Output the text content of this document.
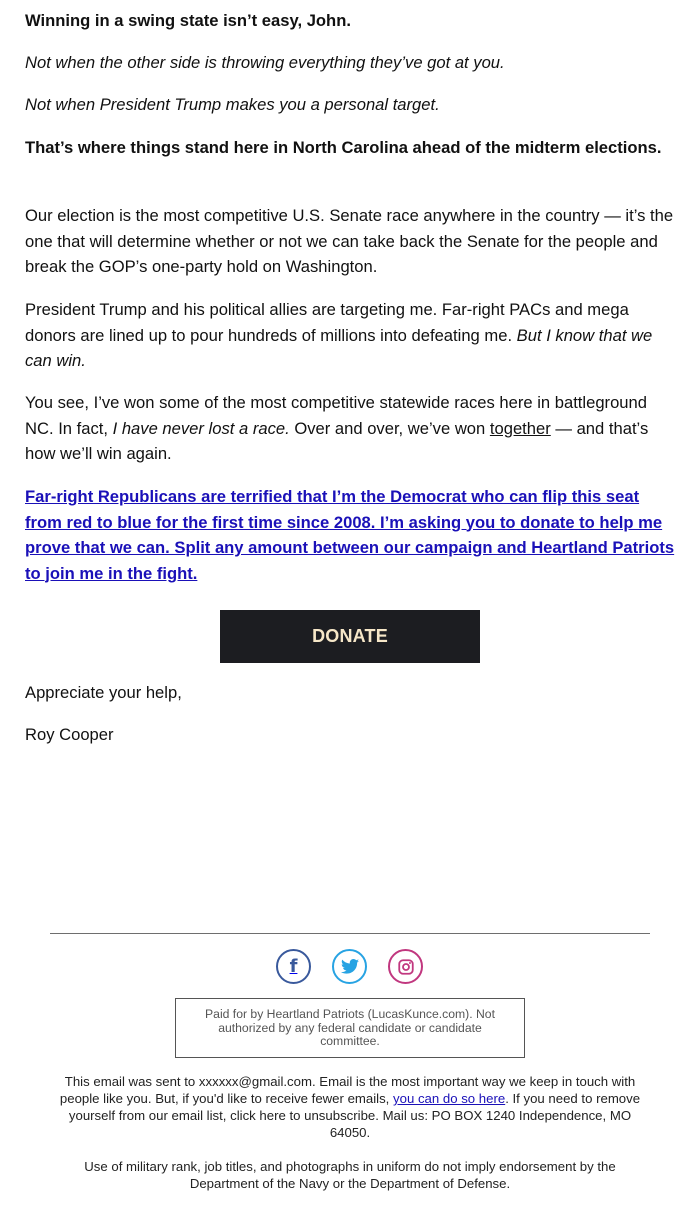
Winning in a swing state isn’t easy, John.

Not when the other side is throwing everything they’ve got at you.

Not when President Trump makes you a personal target.

That’s where things stand here in North Carolina ahead of the midterm elections.

Our election is the most competitive U.S. Senate race anywhere in the country — it’s the one that will determine whether or not we can take back the Senate for the people and break the GOP’s one-party hold on Washington.

President Trump and his political allies are targeting me. Far-right PACs and mega donors are lined up to pour hundreds of millions into defeating me. But I know that we can win.

You see, I’ve won some of the most competitive statewide races here in battleground NC. In fact, I have never lost a race. Over and over, we’ve won together — and that’s how we’ll win again.

Far-right Republicans are terrified that I’m the Democrat who can flip this seat from red to blue for the first time since 2008. I’m asking you to donate to help me prove that we can. Split any amount between our campaign and Heartland Patriots to join me in the fight.
DONATE

Appreciate your help,

Roy Cooper

f
Paid for by Heartland Patriots (LucasKunce.com). Not authorized by any federal candidate or candidate committee.
This email was sent to xxxxxx@gmail.com. Email is the most important way we keep in touch with people like you. But, if you'd like to receive fewer emails, you can do so here. If you need to remove yourself from our email list, click here to unsubscribe. Mail us: PO BOX 1240 Independence, MO 64050.
Use of military rank, job titles, and photographs in uniform do not imply endorsement by the Department of the Navy or the Department of Defense.
